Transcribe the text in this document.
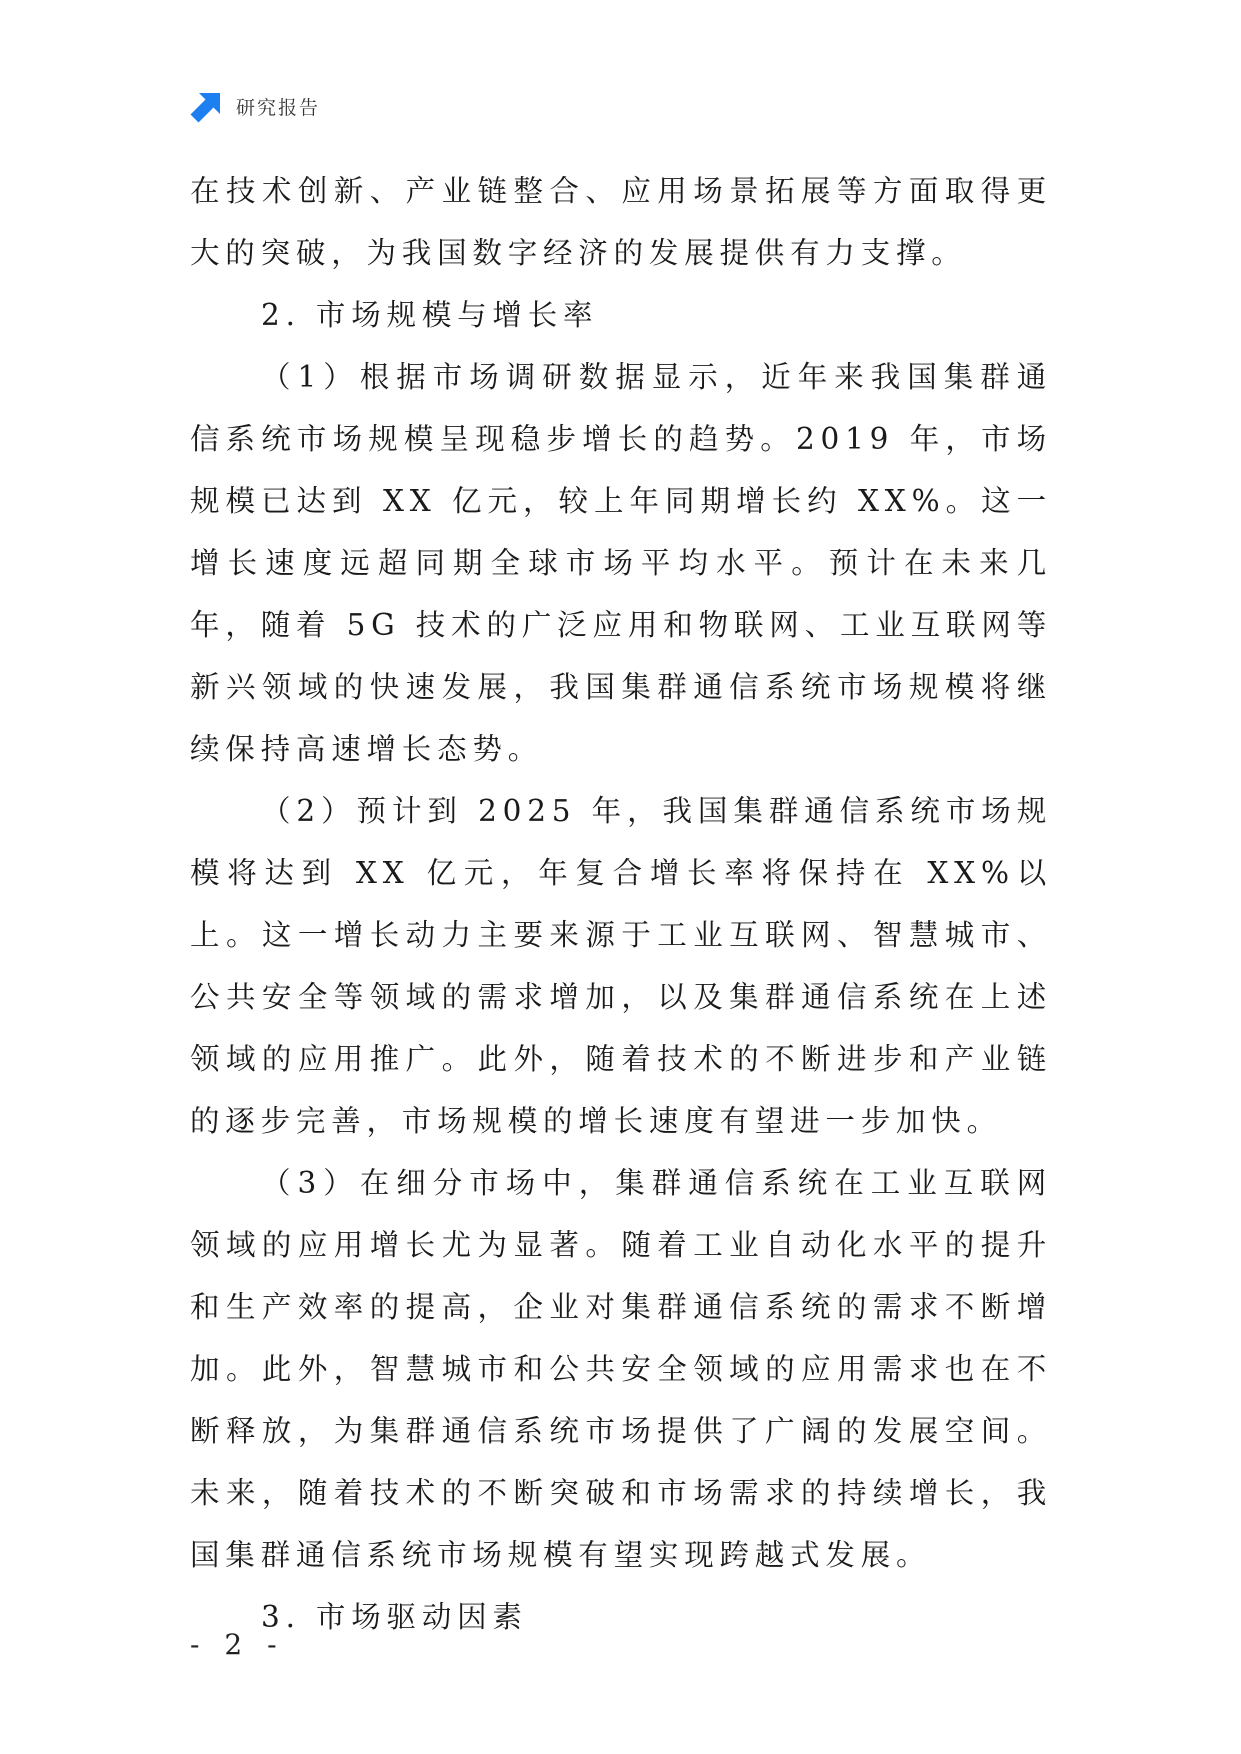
研究报告

在技术创新、产业链整合、应用场景拓展等方面取得更大的突破，为我国数字经济的发展提供有力支撑。

2. 市场规模与增长率

（1）根据市场调研数据显示，近年来我国集群通信系统市场规模呈现稳步增长的趋势。2019 年，市场规模已达到 XX 亿元，较上年同期增长约 XX%。这一增长速度远超同期全球市场平均水平。预计在未来几年，随着 5G 技术的广泛应用和物联网、工业互联网等新兴领域的快速发展，我国集群通信系统市场规模将继续保持高速增长态势。

（2）预计到 2025 年，我国集群通信系统市场规模将达到 XX 亿元，年复合增长率将保持在 XX%以上。这一增长动力主要来源于工业互联网、智慧城市、公共安全等领域的需求增加，以及集群通信系统在上述领域的应用推广。此外，随着技术的不断进步和产业链的逐步完善，市场规模的增长速度有望进一步加快。

（3）在细分市场中，集群通信系统在工业互联网领域的应用增长尤为显著。随着工业自动化水平的提升和生产效率的提高，企业对集群通信系统的需求不断增加。此外，智慧城市和公共安全领域的应用需求也在不断释放，为集群通信系统市场提供了广阔的发展空间。未来，随着技术的不断突破和市场需求的持续增长，我国集群通信系统市场规模有望实现跨越式发展。

3. 市场驱动因素

- 2 -
